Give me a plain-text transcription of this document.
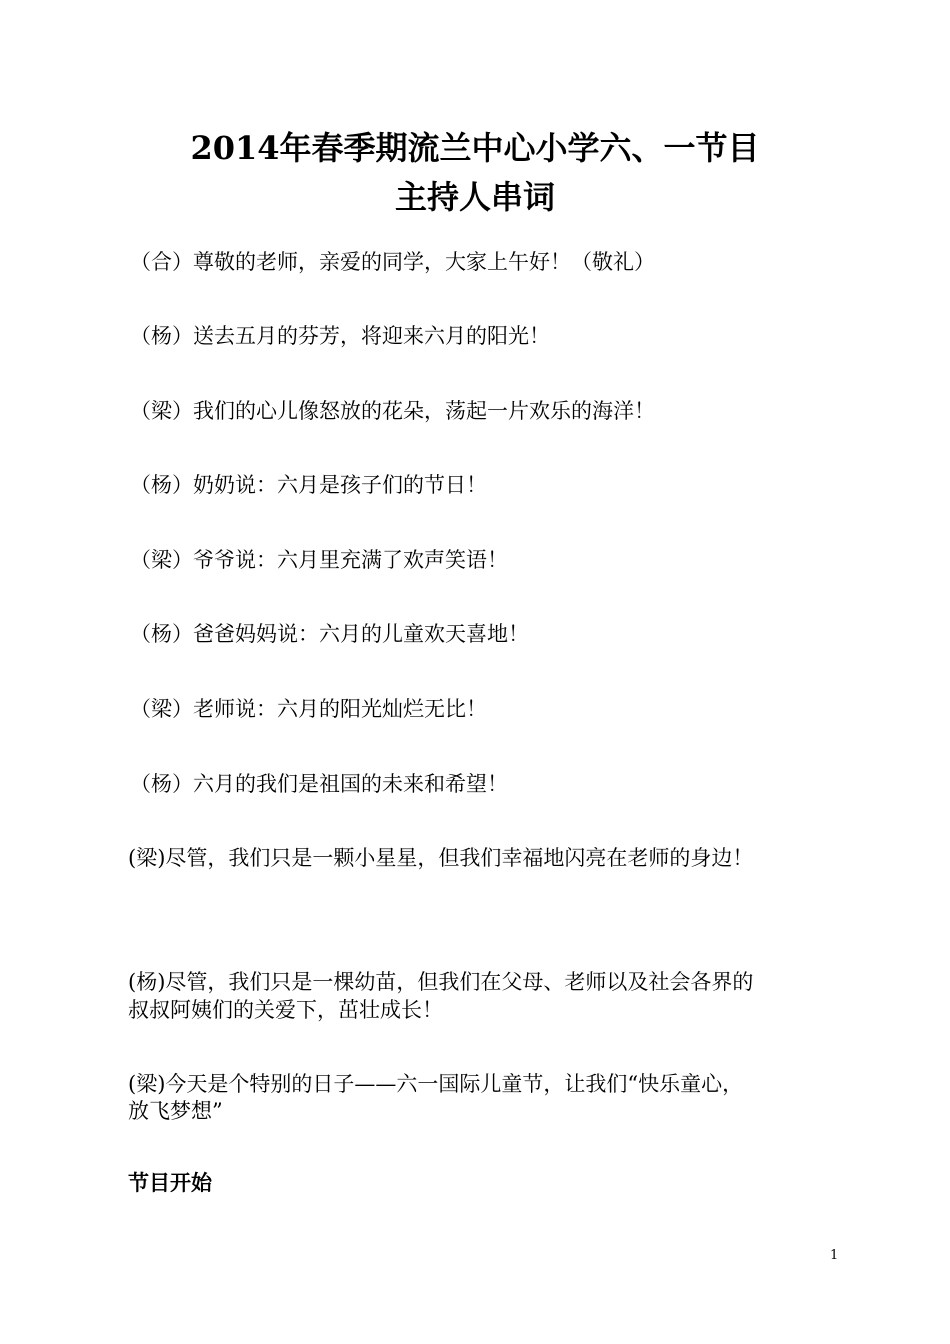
2014年春季期流兰中心小学六、一节目
主持人串词
（合）尊敬的老师，亲爱的同学，大家上午好！（敬礼）
（杨）送去五月的芬芳，将迎来六月的阳光！
（梁）我们的心儿像怒放的花朵，荡起一片欢乐的海洋！
（杨）奶奶说：六月是孩子们的节日！
（梁）爷爷说：六月里充满了欢声笑语！
（杨）爸爸妈妈说：六月的儿童欢天喜地！
（梁）老师说：六月的阳光灿烂无比！
（杨）六月的我们是祖国的未来和希望！
(梁)尽管，我们只是一颗小星星，但我们幸福地闪亮在老师的身边！
(杨)尽管，我们只是一棵幼苗，但我们在父母、老师以及社会各界的
叔叔阿姨们的关爱下，茁壮成长！
(梁)今天是个特别的日子——六一国际儿童节，让我们“快乐童心，
放飞梦想”
节目开始
1
